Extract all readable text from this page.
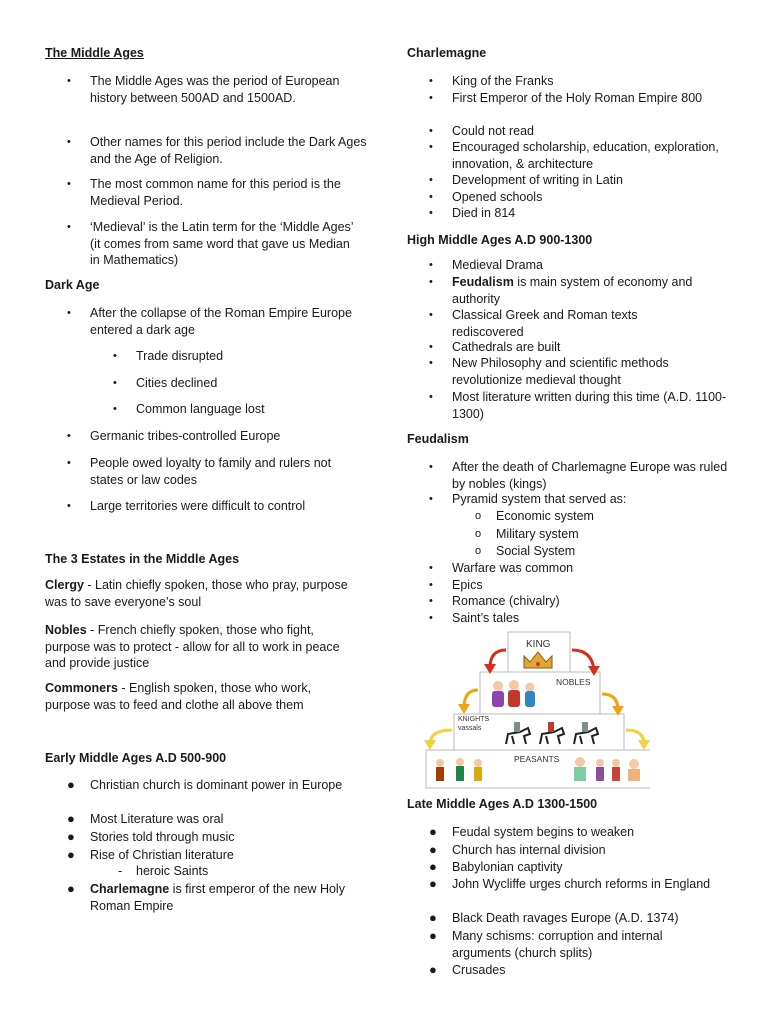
The Middle Ages
• The Middle Ages was the period of European history between 500AD and 1500AD.
• Other names for this period include the Dark Ages and the Age of Religion.
• The most common name for this period is the Medieval Period.
• ‘Medieval’ is the Latin term for the ‘Middle Ages’ (it comes from same word that gave us Median in Mathematics)
Dark Age
• After the collapse of the Roman Empire Europe entered a dark age
• Trade disrupted
• Cities declined
• Common language lost
• Germanic tribes-controlled Europe
• People owed loyalty to family and rulers not states or law codes
• Large territories were difficult to control
The 3 Estates in the Middle Ages
Clergy - Latin chiefly spoken, those who pray, purpose was to save everyone’s soul
Nobles - French chiefly spoken, those who fight, purpose was to protect - allow for all to work in peace and provide justice
Commoners - English spoken, those who work, purpose was to feed and clothe all above them
Early Middle Ages A.D 500-900
● Christian church is dominant power in Europe
● Most Literature was oral
● Stories told through music
● Rise of Christian literature
- heroic Saints
● Charlemagne is first emperor of the new Holy Roman Empire
Charlemagne
• King of the Franks
• First Emperor of the Holy Roman Empire 800
• Could not read
• Encouraged scholarship, education, exploration, innovation, & architecture
• Development of writing in Latin
• Opened schools
• Died in 814
High Middle Ages A.D 900-1300
• Medieval Drama
• Feudalism is main system of economy and authority
• Classical Greek and Roman texts rediscovered
• Cathedrals are built
• New Philosophy and scientific methods revolutionize medieval thought
• Most literature written during this time (A.D. 1100-1300)
Feudalism
• After the death of Charlemagne Europe was ruled by nobles (kings)
• Pyramid system that served as:
o Economic system
o Military system
o Social System
• Warfare was common
• Epics
• Romance (chivalry)
• Saint’s tales
Late Middle Ages A.D 1300-1500
● Feudal system begins to weaken
● Church has internal division
● Babylonian captivity
● John Wycliffe urges church reforms in England
● Black Death ravages Europe (A.D. 1374)
● Many schisms: corruption and internal arguments (church splits)
● Crusades
KING
NOBLES
KNIGHTS
vassals
PEASANTS
